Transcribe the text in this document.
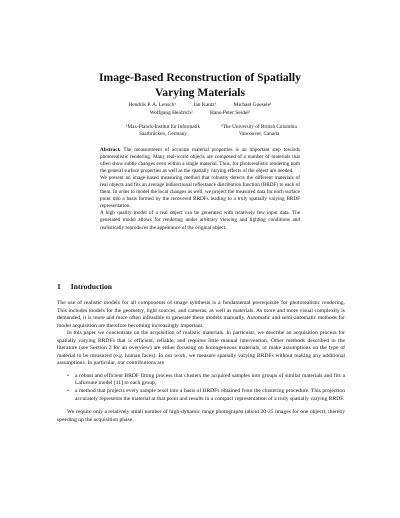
Image-Based Reconstruction of Spatially
Varying Materials
Hendrik P. A. Lensch¹	Jan Kautz¹	Michael Goesele¹
Wolfgang Heidrich²	Hans-Peter Seidel¹
¹Max-Planck-Institut für Informatik Saarbrücken, Germany
²The University of British Columbia Vancouver, Canada

Abstract. The measurement of accurate material properties is an important step towards photorealistic rendering. Many real-world objects are composed of a number of materials that often show subtle changes even within a single material. Thus, for photorealistic rendering both the general surface properties as well as the spatially varying effects of the object are needed.

We present an image-based measuring method that robustly detects the different materials of real objects and fits an average bidirectional reflectance distribution function (BRDF) to each of them. In order to model the local changes as well, we project the measured data for each surface point into a basis formed by the recovered BRDFs leading to a truly spatially varying BRDF representation.

A high quality model of a real object can be generated with relatively few input data. The generated model allows for rendering under arbitrary viewing and lighting conditions and realistically reproduces the appearance of the original object.

1 Introduction

The use of realistic models for all components of image synthesis is a fundamental prerequisite for photorealistic rendering. This includes models for the geometry, light sources, and cameras, as well as materials. As more and more visual complexity is demanded, it is more and more often infeasible to generate these models manually. Automatic and semi-automatic methods for model acquisition are therefore becoming increasingly important.

In this paper we concentrate on the acquisition of realistic materials. In particular, we describe an acquisition process for spatially varying BRDFs that is efficient, reliable, and requires little manual intervention. Other methods described in the literature (see Section 2 for an overview) are either focusing on homogeneous materials, or make assumptions on the type of material to be measured (e.g. human faces). In our work, we measure spatially varying BRDFs without making any additional assumptions. In particular, our contributions are

• a robust and efficient BRDF fitting process that clusters the acquired samples into groups of similar materials and fits a Lafortune model [11] to each group,
• a method that projects every sample texel into a basis of BRDFs obtained from the clustering procedure. This projection accurately represents the material at that point and results in a compact representation of a truly spatially varying BRDF.

We require only a relatively small number of high-dynamic range photographs (about 20-25 images for one object), thereby speeding up the acquisition phase.
